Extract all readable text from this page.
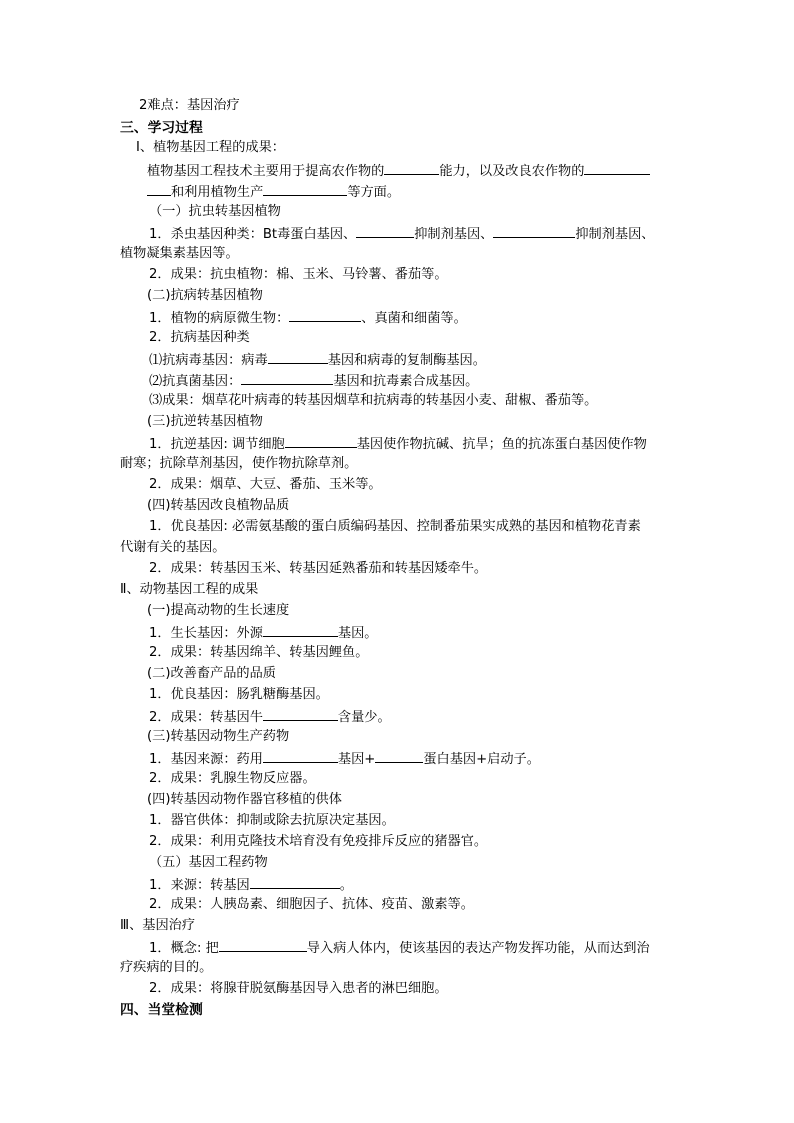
2难点：基因治疗
三、学习过程
Ⅰ、植物基因工程的成果：
植物基因工程技术主要用于提高农作物的	能力，以及改良农作物的
和利用植物生产	等方面。
（一）抗虫转基因植物
1．杀虫基因种类：Bt毒蛋白基因、	抑制剂基因、	抑制剂基因、
植物凝集素基因等。
2．成果：抗虫植物：棉、玉米、马铃薯、番茄等。
(二)抗病转基因植物
1．植物的病原微生物：	、真菌和细菌等。
2．抗病基因种类
⑴抗病毒基因：病毒	基因和病毒的复制酶基因。
⑵抗真菌基因：	基因和抗毒素合成基因。
⑶成果：烟草花叶病毒的转基因烟草和抗病毒的转基因小麦、甜椒、番茄等。
(三)抗逆转基因植物
1．抗逆基因: 调节细胞	基因使作物抗碱、抗旱；鱼的抗冻蛋白基因使作物
耐寒；抗除草剂基因，使作物抗除草剂。
2．成果：烟草、大豆、番茄、玉米等。
(四)转基因改良植物品质
1．优良基因: 必需氨基酸的蛋白质编码基因、控制番茄果实成熟的基因和植物花青素
代谢有关的基因。
2．成果：转基因玉米、转基因延熟番茄和转基因矮牵牛。
Ⅱ、动物基因工程的成果
(一)提高动物的生长速度
1．生长基因：外源	基因。
2．成果：转基因绵羊、转基因鲤鱼。
(二)改善畜产品的品质
1．优良基因：肠乳糖酶基因。
2．成果：转基因牛	含量少。
(三)转基因动物生产药物
1．基因来源：药用	基因+	蛋白基因+启动子。
2．成果：乳腺生物反应器。
(四)转基因动物作器官移植的供体
1．器官供体：抑制或除去抗原决定基因。
2．成果：利用克隆技术培育没有免疫排斥反应的猪器官。
（五）基因工程药物
1．来源：转基因	。
2．成果：人胰岛素、细胞因子、抗体、疫苗、激素等。
Ⅲ、基因治疗
1．概念: 把	导入病人体内，使该基因的表达产物发挥功能，从而达到治
疗疾病的目的。
2．成果：将腺苷脱氨酶基因导入患者的淋巴细胞。
四、当堂检测
